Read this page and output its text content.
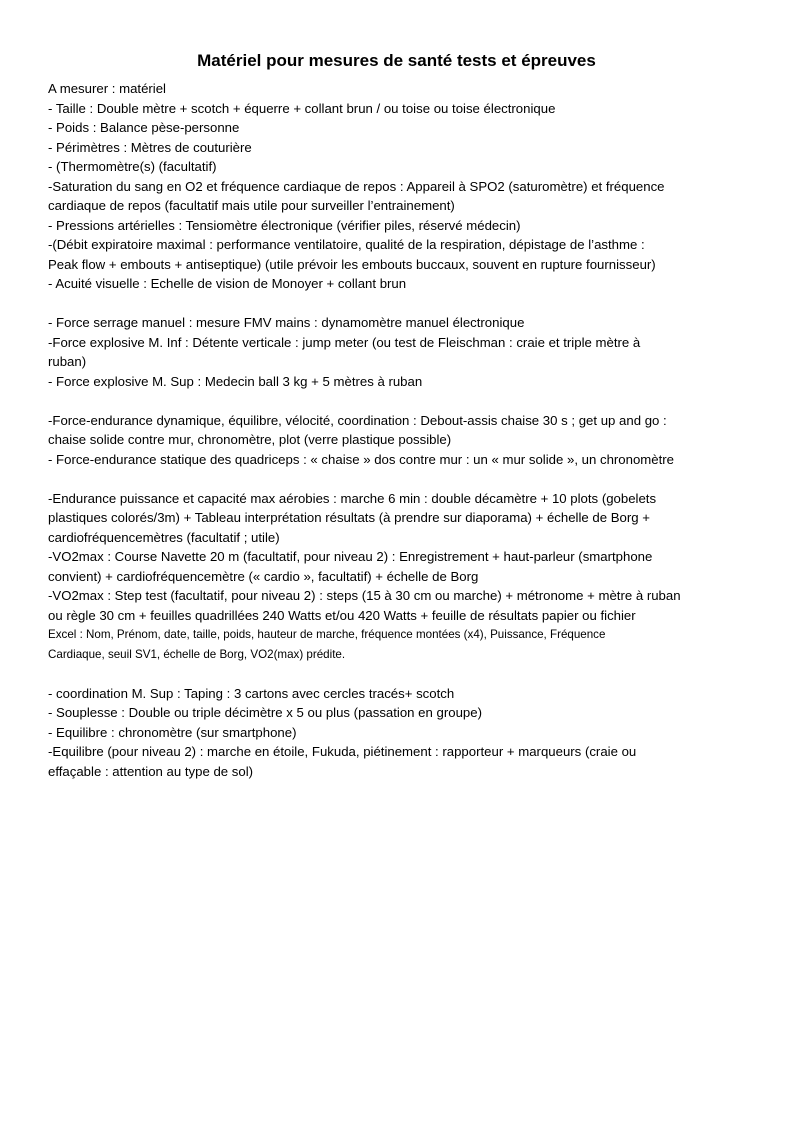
Matériel pour mesures de santé tests et épreuves
A mesurer : matériel
- Taille : Double mètre + scotch + équerre + collant brun / ou toise ou toise électronique
- Poids : Balance pèse-personne
- Périmètres : Mètres de couturière
- (Thermomètre(s) (facultatif)
-Saturation du sang en O2 et fréquence cardiaque de repos : Appareil à SPO2 (saturomètre) et fréquence
cardiaque de repos (facultatif mais utile pour surveiller l’entrainement)
- Pressions artérielles : Tensiomètre électronique (vérifier piles, réservé médecin)
-(Débit expiratoire maximal : performance ventilatoire, qualité de la respiration, dépistage de l’asthme :
Peak flow + embouts + antiseptique) (utile prévoir les embouts buccaux, souvent en rupture fournisseur)
- Acuité visuelle : Echelle de vision de Monoyer + collant brun
- Force serrage manuel : mesure FMV mains : dynamomètre manuel électronique
-Force explosive M. Inf : Détente verticale : jump meter (ou test de Fleischman : craie et triple mètre à
ruban)
- Force explosive M. Sup : Medecin ball 3 kg + 5 mètres à ruban
-Force-endurance dynamique, équilibre, vélocité, coordination : Debout-assis chaise 30 s ; get up and go :
chaise solide contre mur, chronomètre, plot (verre plastique possible)
- Force-endurance statique des quadriceps : « chaise » dos contre mur : un « mur solide », un chronomètre
-Endurance puissance et capacité max aérobies : marche 6 min : double décamètre + 10 plots (gobelets
plastiques colorés/3m) + Tableau interprétation résultats (à prendre sur diaporama) + échelle de Borg +
cardiofréquencemètres (facultatif ; utile)
-VO2max : Course Navette 20 m (facultatif, pour niveau 2) : Enregistrement + haut-parleur (smartphone
convient) + cardiofréquencemètre (« cardio », facultatif) + échelle de Borg
-VO2max : Step test (facultatif, pour niveau 2) : steps (15 à 30 cm ou marche) + métronome + mètre à ruban
ou règle 30 cm + feuilles quadrillées 240 Watts et/ou 420 Watts + feuille de résultats papier ou fichier
Excel : Nom, Prénom, date, taille, poids, hauteur de marche, fréquence montées (x4), Puissance, Fréquence
Cardiaque, seuil SV1, échelle de Borg, VO2(max) prédite.
- coordination M. Sup : Taping : 3 cartons avec cercles tracés+ scotch
- Souplesse : Double ou triple décimètre x 5 ou plus (passation en groupe)
- Equilibre : chronomètre (sur smartphone)
-Equilibre (pour niveau 2) : marche en étoile, Fukuda, piétinement : rapporteur + marqueurs (craie ou
effaçable : attention au type de sol)
